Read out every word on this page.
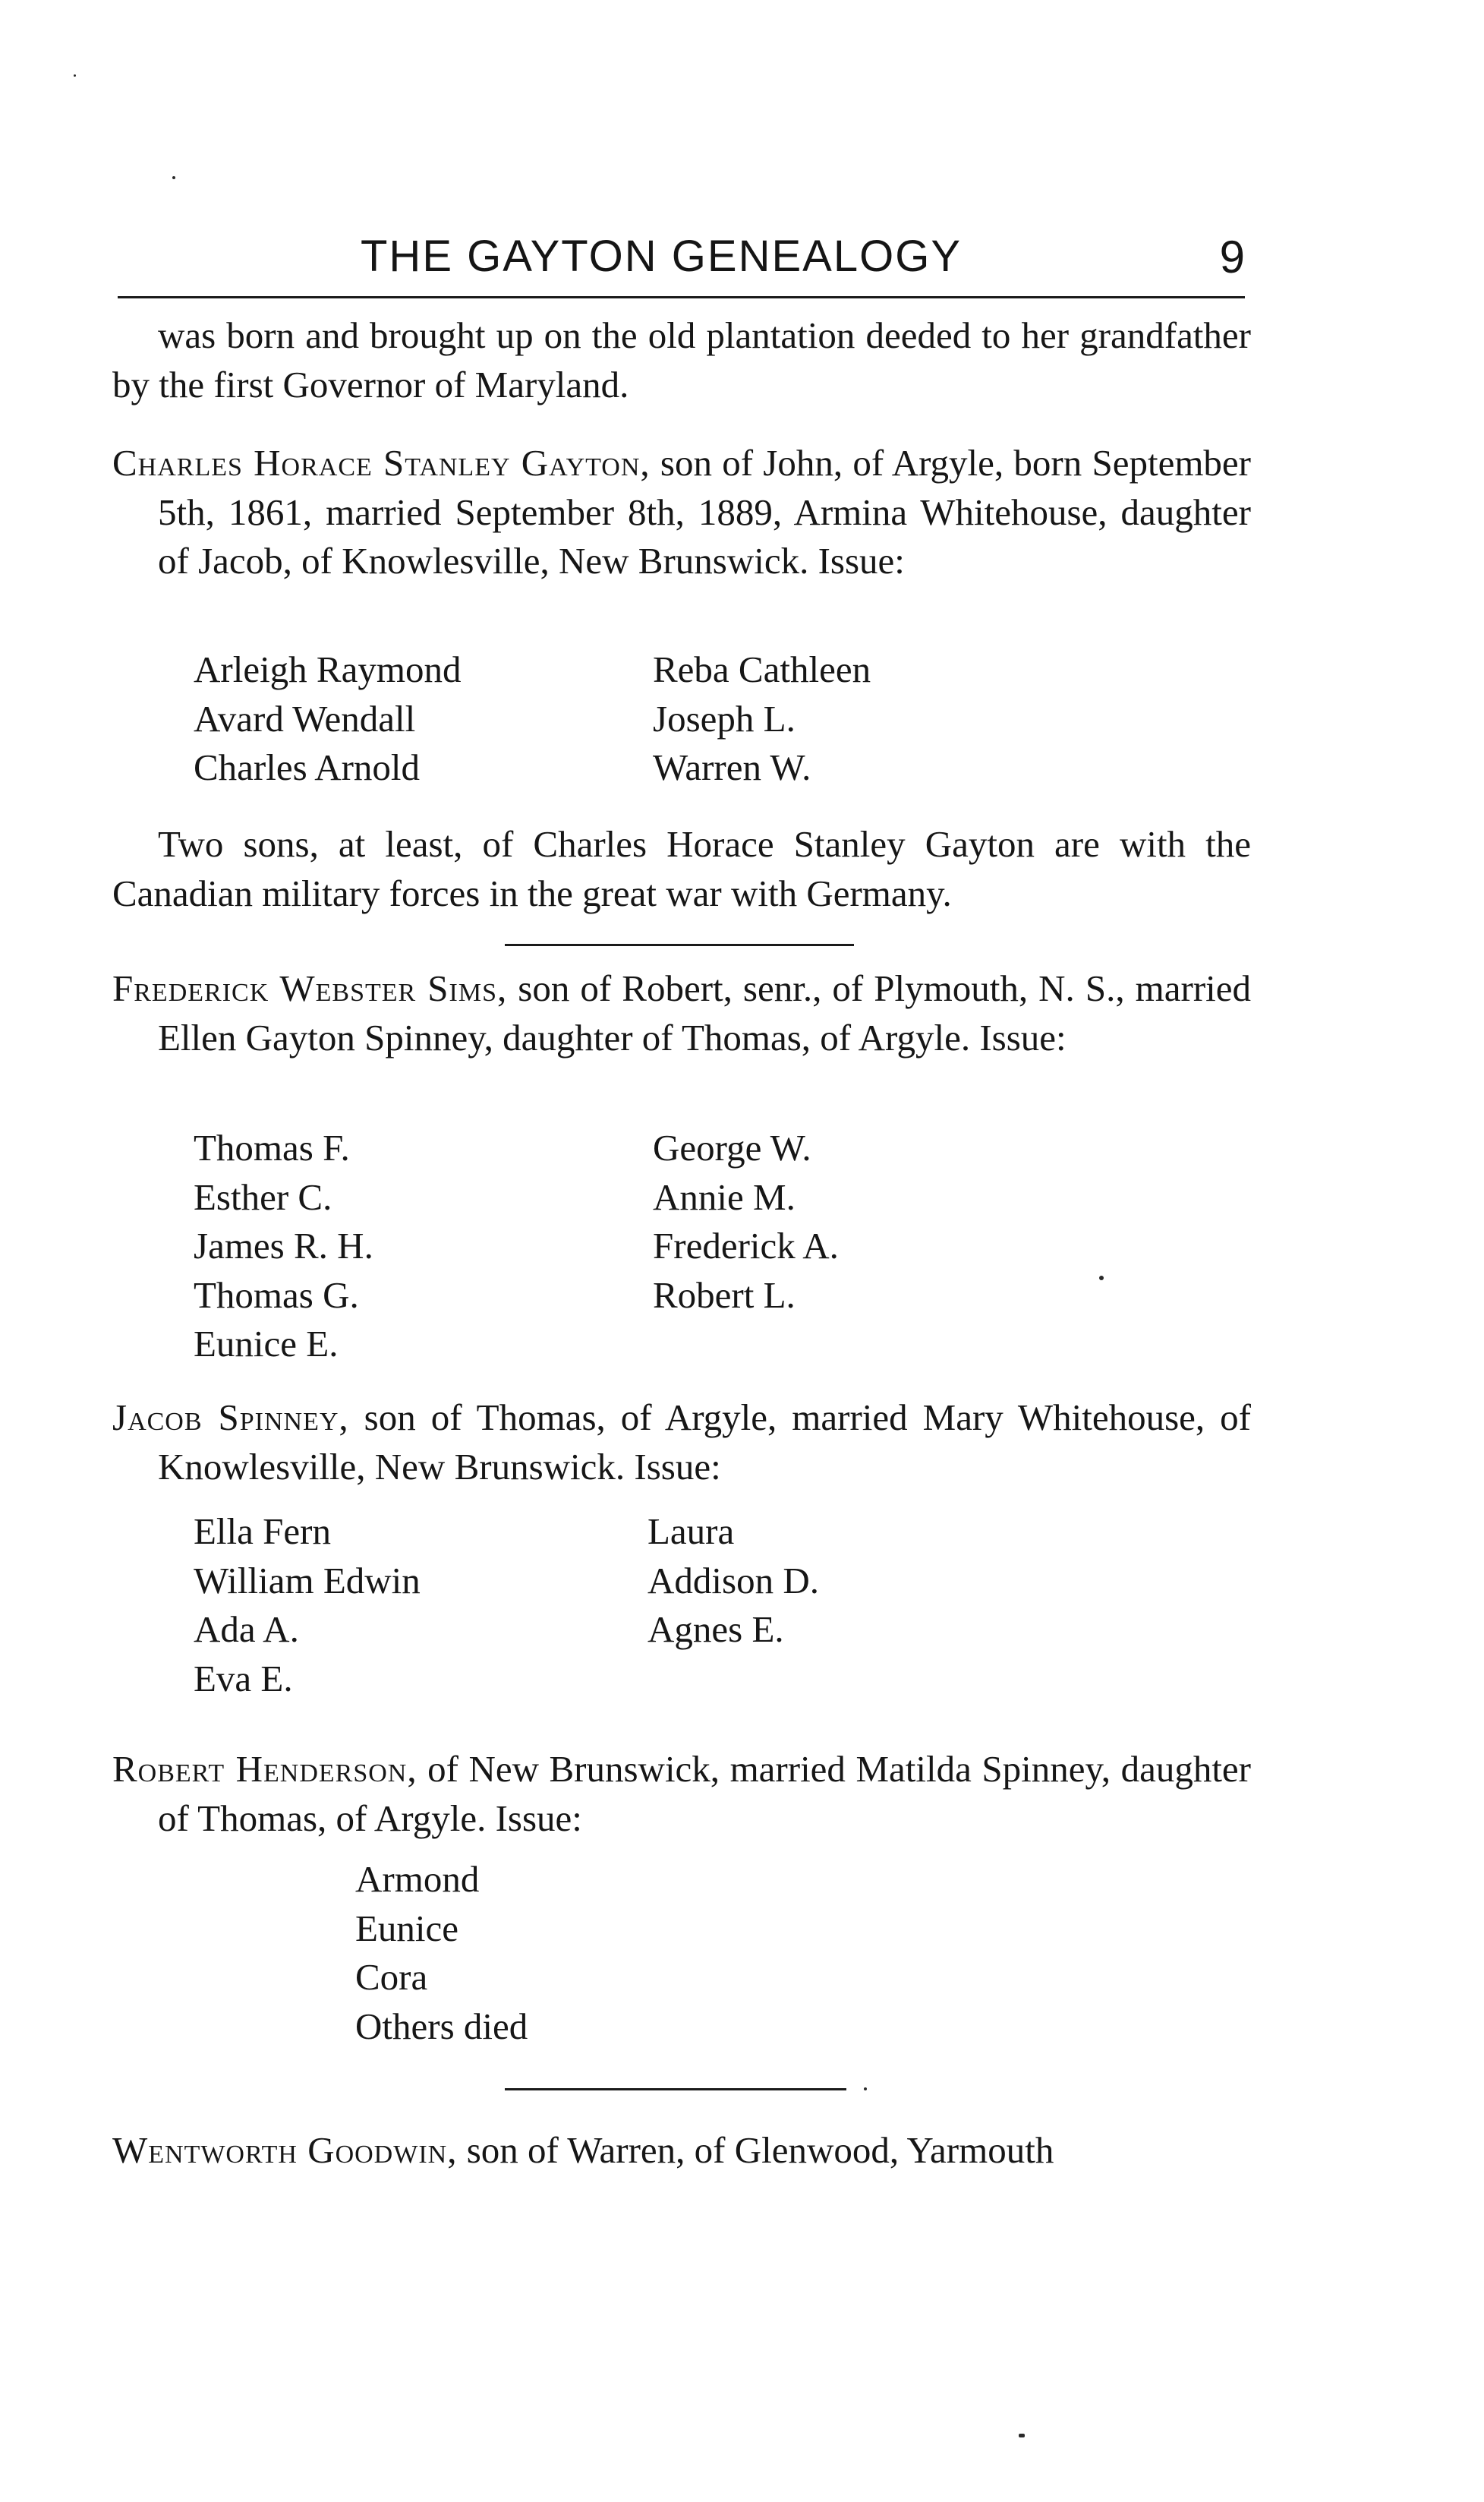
THE GAYTON GENEALOGY	9

was born and brought up on the old plantation deeded to her grandfather by the first Governor of Maryland.

Charles Horace Stanley Gayton, son of John, of Argyle, born September 5th, 1861, married September 8th, 1889, Armina Whitehouse, daughter of Jacob, of Knowlesville, New Brunswick. Issue:

Arleigh Raymond
Avard Wendall
Charles Arnold
Reba Cathleen
Joseph L.
Warren W.

Two sons, at least, of Charles Horace Stanley Gayton are with the Canadian military forces in the great war with Germany.

Frederick Webster Sims, son of Robert, senr., of Plymouth, N. S., married Ellen Gayton Spinney, daughter of Thomas, of Argyle. Issue:

Thomas F.
Esther C.
James R. H.
Thomas G.
Eunice E.
George W.
Annie M.
Frederick A.
Robert L.

Jacob Spinney, son of Thomas, of Argyle, married Mary Whitehouse, of Knowlesville, New Brunswick. Issue:

Ella Fern
William Edwin
Ada A.
Eva E.
Laura
Addison D.
Agnes E.

Robert Henderson, of New Brunswick, married Matilda Spinney, daughter of Thomas, of Argyle. Issue:

Armond
Eunice
Cora
Others died

Wentworth Goodwin, son of Warren, of Glenwood, Yarmouth
